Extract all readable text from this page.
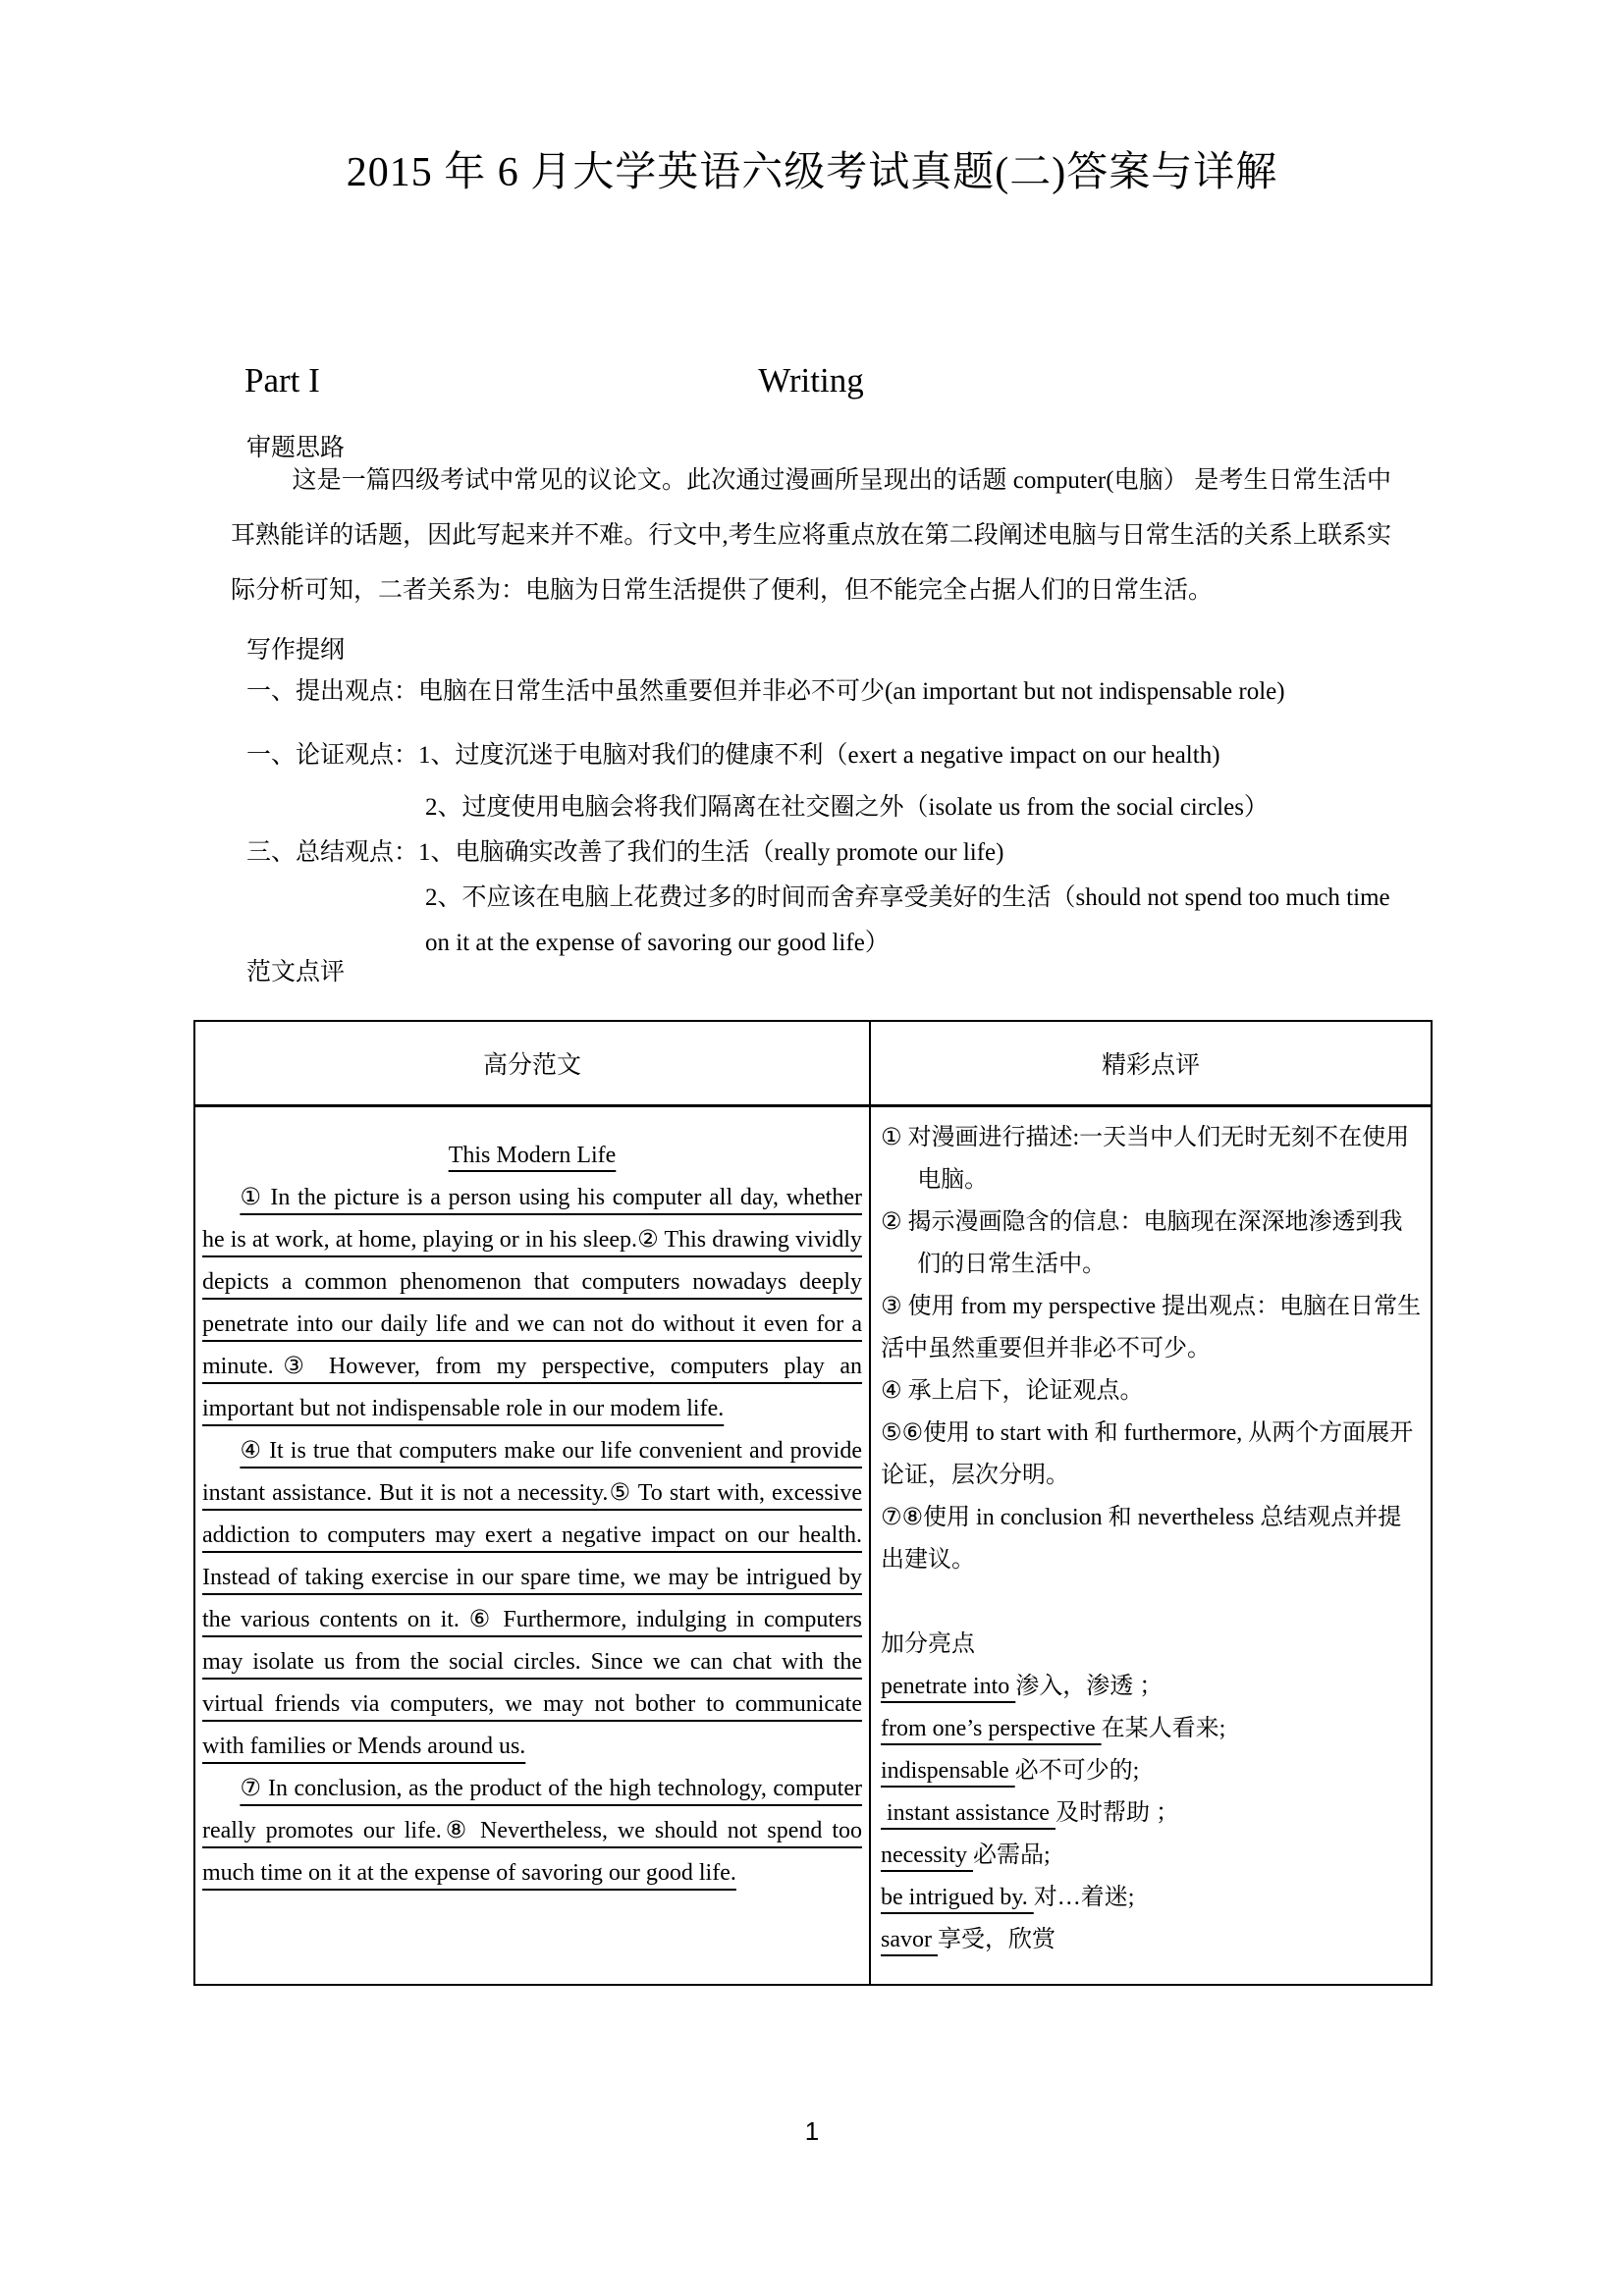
2015 年 6 月大学英语六级考试真题(二)答案与详解
Part I	Writing
审题思路

这是一篇四级考试中常见的议论文。此次通过漫画所呈现出的话题 computer(电脑） 是考生日常生活中耳熟能详的话题，因此写起来并不难。行文中,考生应将重点放在第二段阐述电脑与日常生活的关系上联系实际分析可知，二者关系为：电脑为日常生活提供了便利，但不能完全占据人们的日常生活。

写作提纲
一、提出观点：电脑在日常生活中虽然重要但并非必不可少(an important but not indispensable role)
一、论证观点：1、过度沉迷于电脑对我们的健康不利（exert a negative impact on our health)
2、过度使用电脑会将我们隔离在社交圈之外（isolate us from the social circles）
三、总结观点：1、电脑确实改善了我们的生活（really promote our life)
2、不应该在电脑上花费过多的时间而舍弃享受美好的生活（should not spend too much time
on it at the expense of savoring our good life）
范文点评
高分范文	精彩点评
This Modern Life

① In the picture is a person using his computer all day, whether he is at work, at home, playing or in his sleep.② This drawing vividly depicts a common phenomenon that computers nowadays deeply penetrate into our daily life and we can not do without it even for a minute.③ However, from my perspective, computers play an important but not indispensable role in our modem life.

④ It is true that computers make our life convenient and provide instant assistance. But it is not a necessity.⑤ To start with, excessive addiction to computers may exert a negative impact on our health. Instead of taking exercise in our spare time, we may be intrigued by the various contents on it. ⑥ Furthermore, indulging in computers may isolate us from the social circles. Since we can chat with the virtual friends via computers, we may not bother to communicate with families or Mends around us.

⑦ In conclusion, as the product of the high technology, computer really promotes our life.⑧ Nevertheless, we should not spend too much time on it at the expense of savoring our good life.

① 对漫画进行描述:一天当中人们无时无刻不在使用电脑。
② 揭示漫画隐含的信息：电脑现在深深地渗透到我们的日常生活中。
③ 使用 from my perspective 提出观点：电脑在日常生活中虽然重要但并非必不可少。
④ 承上启下，论证观点。
⑤⑥使用 to start with 和 furthermore, 从两个方面展开论证，层次分明。
⑦⑧使用 in conclusion 和 nevertheless 总结观点并提出建议。
加分亮点
penetrate into 渗入，渗透 ；
from one’s perspective 在某人看来;
indispensable 必不可少的;
instant assistance 及时帮助 ；
necessity 必需品;
be intrigued by. 对…着迷;
savor 享受，欣赏
1
